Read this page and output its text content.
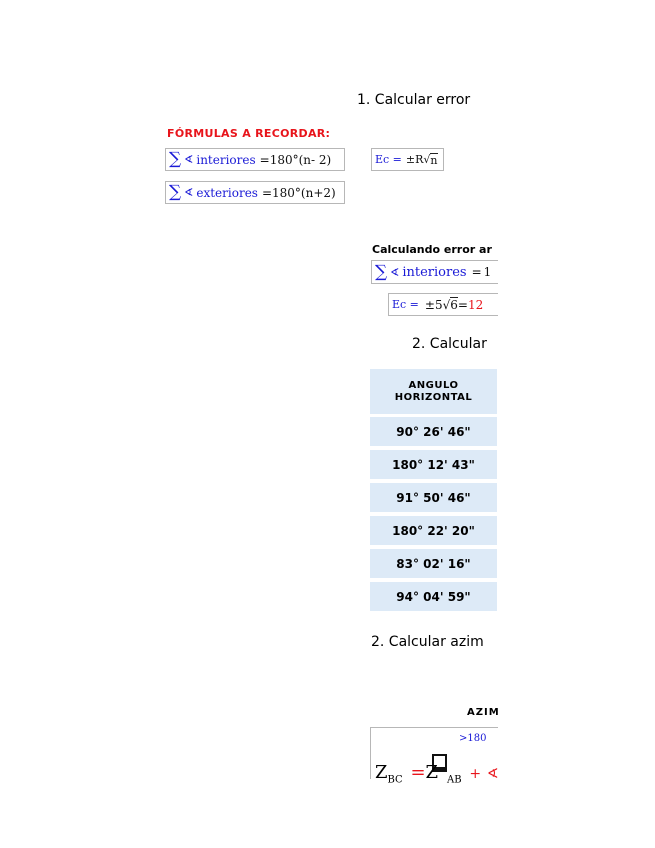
1. Calcular error
FÓRMULAS A RECORDAR:
∑ ∢ interiores =180°(n- 2)	Ec = ±R √ n
∑ ∢ exteriores =180°(n+2)
Calculando error ar
∑ ∢ interiores = 1
Ec = ±5 √ 6 = 12
2. Calcular
ANGULO
HORIZONTAL
90° 26' 46"
180° 12' 43"
91° 50' 46"
180° 22' 20"
83° 02' 16"
94° 04' 59"
2. Calcular azim
AZIM
>180
$Z_{BC} =Z$ $_{AB}$ + ∢
